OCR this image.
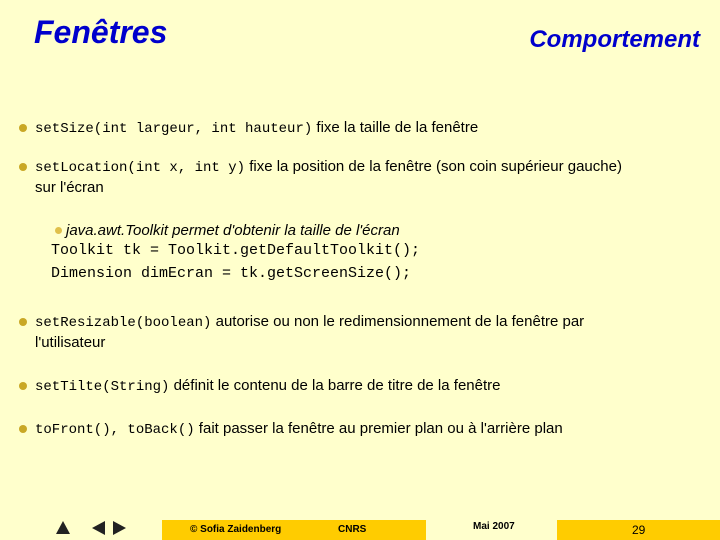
Fenêtres	Comportement
setSize(int largeur, int hauteur) fixe la taille de la fenêtre
setLocation(int x, int y) fixe la position de la fenêtre (son coin supérieur gauche)
sur l'écran
java.awt.Toolkit permet d'obtenir la taille de l'écran
Toolkit tk = Toolkit.getDefaultToolkit();
Dimension dimEcran = tk.getScreenSize();
setResizable(boolean) autorise ou non le redimensionnement de la fenêtre par
l'utilisateur
setTilte(String) définit le contenu de la barre de titre de la fenêtre
toFront(), toBack() fait passer la fenêtre au premier plan ou à l'arrière plan
© Sofia Zaidenberg	CNRS	Mai 2007	29
